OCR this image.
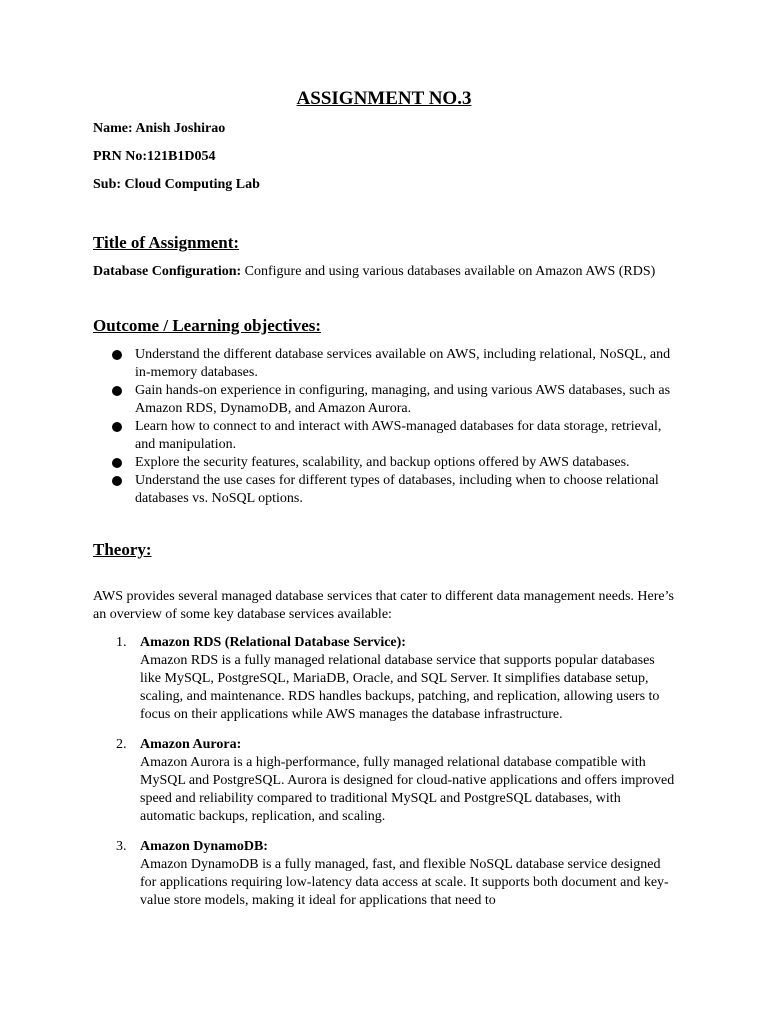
ASSIGNMENT NO.3

Name: Anish Joshirao

PRN No:121B1D054

Sub: Cloud Computing Lab

Title of Assignment:

Database Configuration: Configure and using various databases available on Amazon AWS (RDS)

Outcome / Learning objectives:
Understand the different database services available on AWS, including relational, NoSQL, and in-memory databases.
Gain hands-on experience in configuring, managing, and using various AWS databases, such as Amazon RDS, DynamoDB, and Amazon Aurora.
Learn how to connect to and interact with AWS-managed databases for data storage, retrieval, and manipulation.
Explore the security features, scalability, and backup options offered by AWS databases.
Understand the use cases for different types of databases, including when to choose relational databases vs. NoSQL options.
Theory:

AWS provides several managed database services that cater to different data management needs. Here’s an overview of some key database services available:

1. Amazon RDS (Relational Database Service):
Amazon RDS is a fully managed relational database service that supports popular databases like MySQL, PostgreSQL, MariaDB, Oracle, and SQL Server. It simplifies database setup, scaling, and maintenance. RDS handles backups, patching, and replication, allowing users to focus on their applications while AWS manages the database infrastructure.
2. Amazon Aurora:
Amazon Aurora is a high-performance, fully managed relational database compatible with MySQL and PostgreSQL. Aurora is designed for cloud-native applications and offers improved speed and reliability compared to traditional MySQL and PostgreSQL databases, with automatic backups, replication, and scaling.
3. Amazon DynamoDB:
Amazon DynamoDB is a fully managed, fast, and flexible NoSQL database service designed for applications requiring low-latency data access at scale. It supports both document and key-value store models, making it ideal for applications that need to
